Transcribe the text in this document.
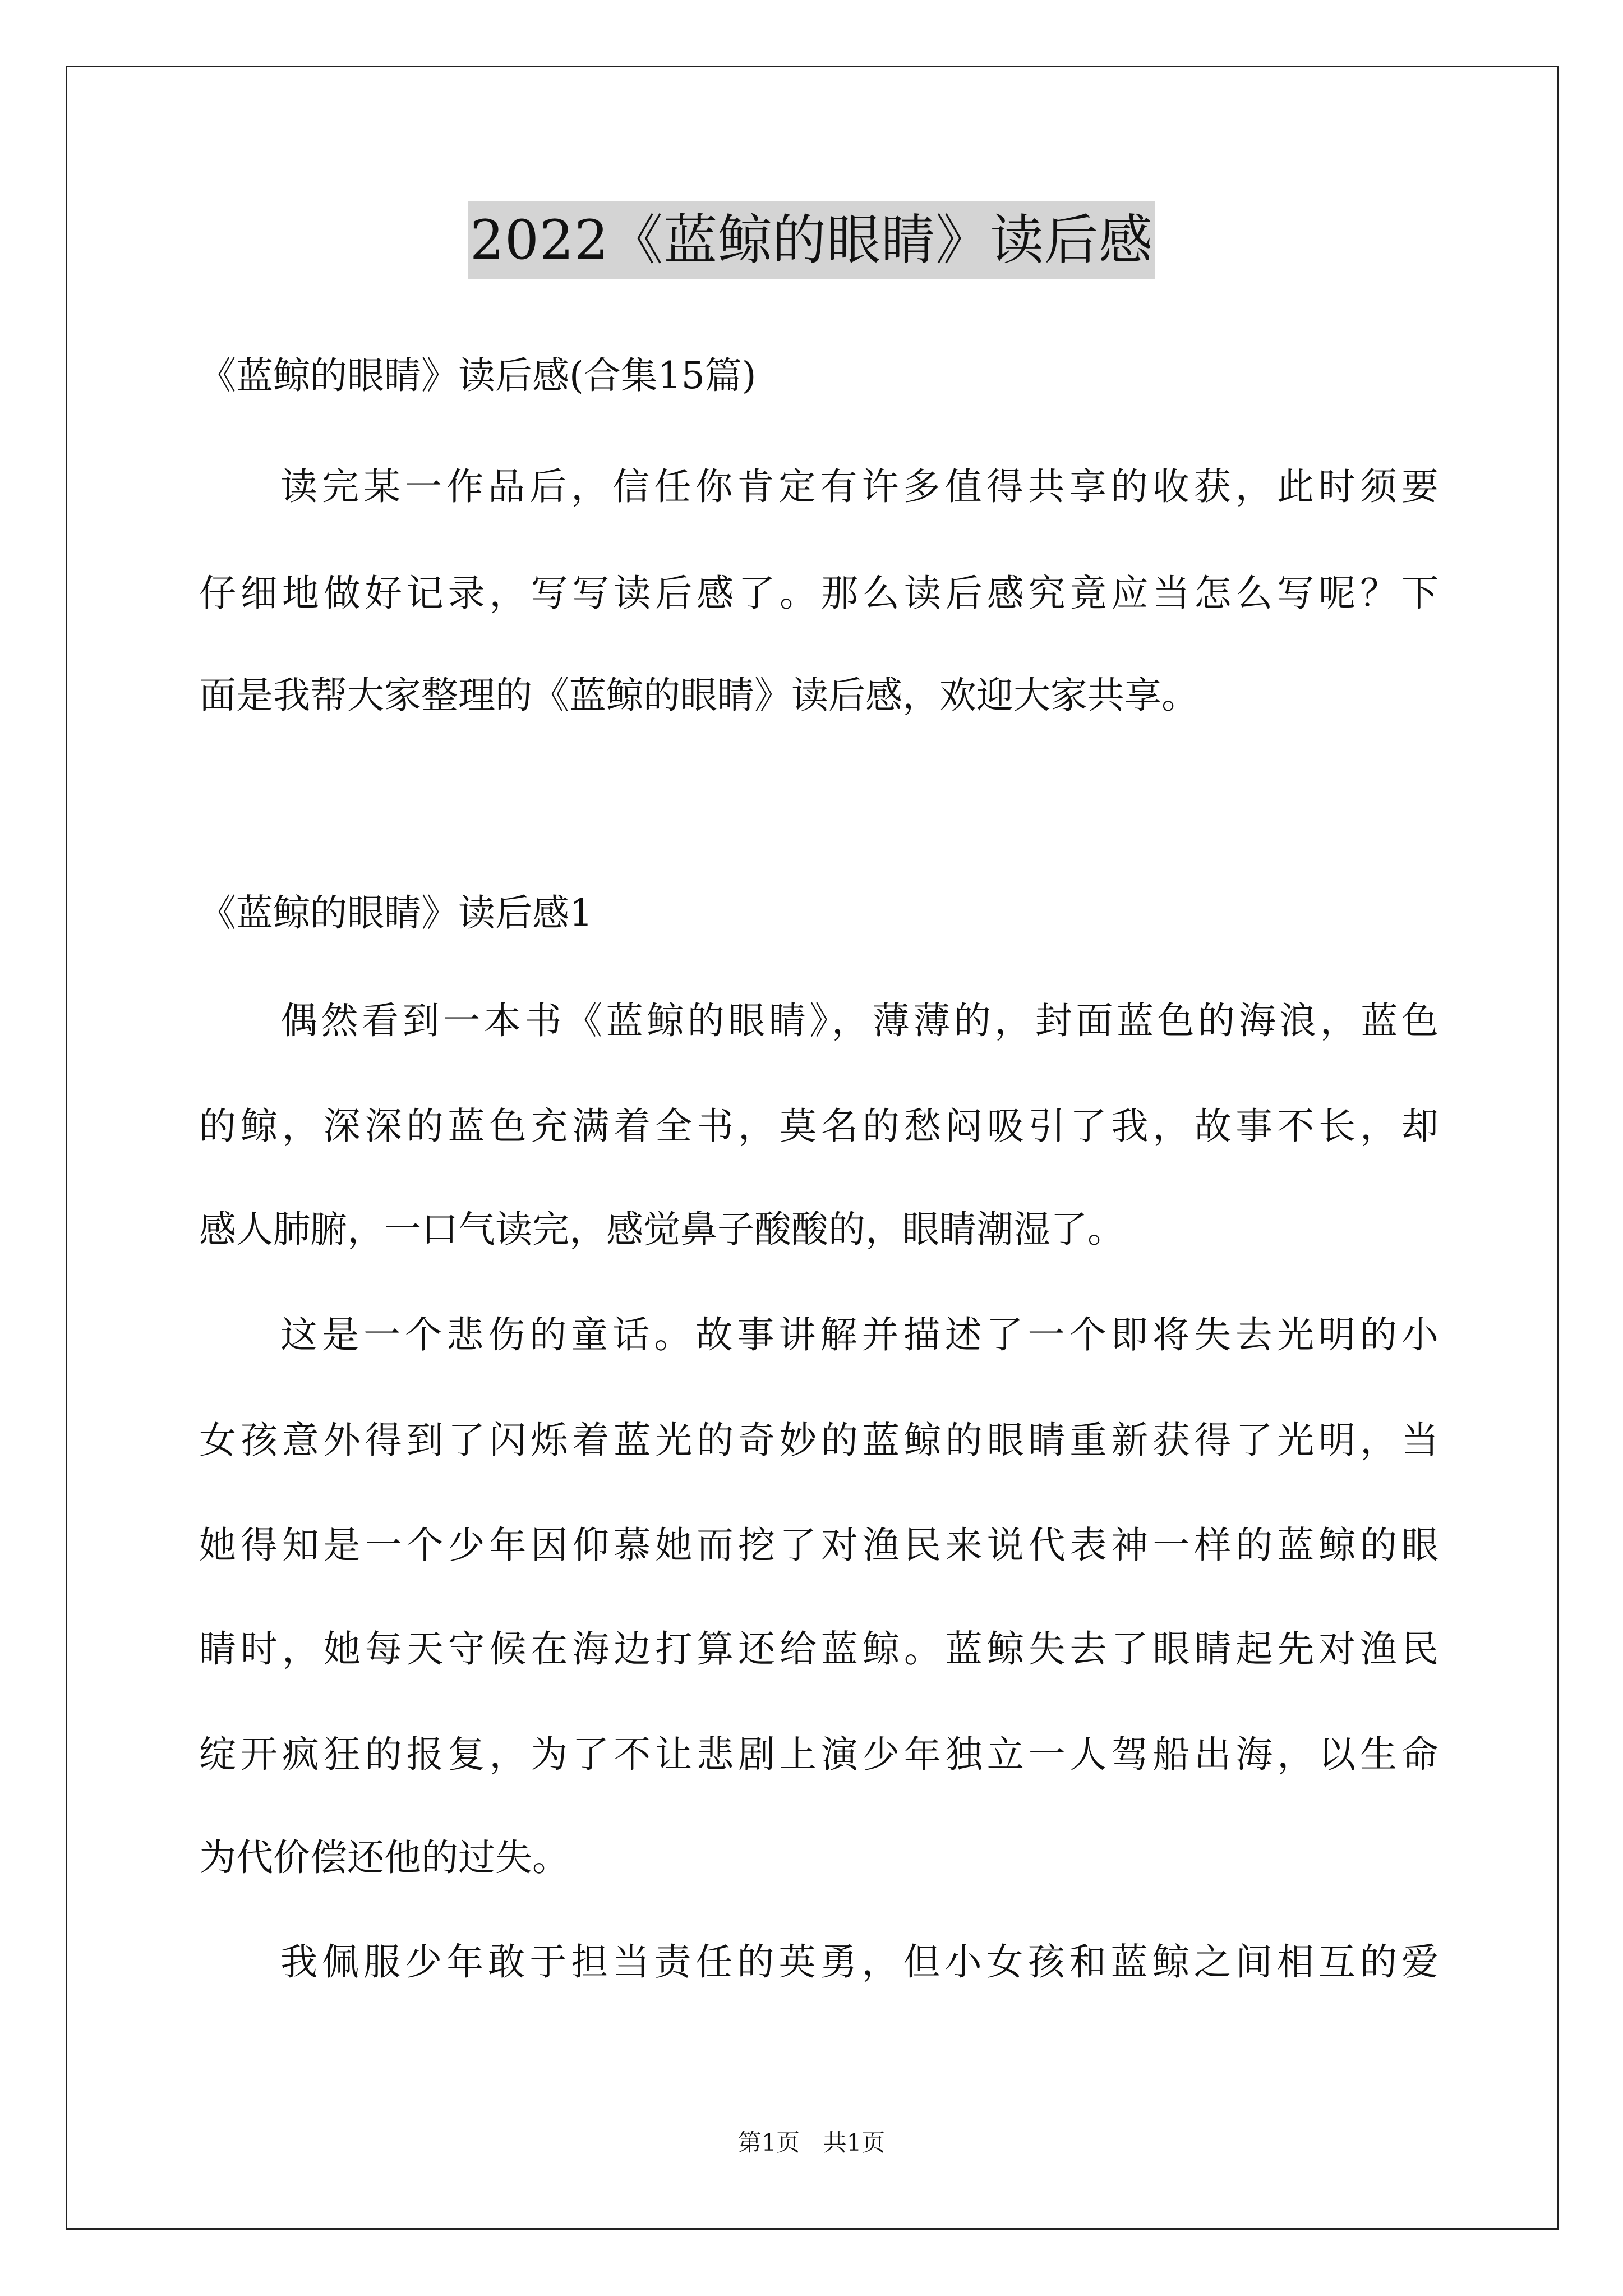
2022《蓝鲸的眼睛》读后感
《蓝鲸的眼睛》读后感(合集15篇)
读完某一作品后，信任你肯定有许多值得共享的收获，此时须要
仔细地做好记录，写写读后感了。那么读后感究竟应当怎么写呢？下
面是我帮大家整理的《蓝鲸的眼睛》读后感，欢迎大家共享。
《蓝鲸的眼睛》读后感1
偶然看到一本书《蓝鲸的眼睛》，薄薄的，封面蓝色的海浪，蓝色
的鲸，深深的蓝色充满着全书，莫名的愁闷吸引了我，故事不长，却
感人肺腑，一口气读完，感觉鼻子酸酸的，眼睛潮湿了。
这是一个悲伤的童话。故事讲解并描述了一个即将失去光明的小
女孩意外得到了闪烁着蓝光的奇妙的蓝鲸的眼睛重新获得了光明，当
她得知是一个少年因仰慕她而挖了对渔民来说代表神一样的蓝鲸的眼
睛时，她每天守候在海边打算还给蓝鲸。蓝鲸失去了眼睛起先对渔民
绽开疯狂的报复，为了不让悲剧上演少年独立一人驾船出海，以生命
为代价偿还他的过失。
我佩服少年敢于担当责任的英勇，但小女孩和蓝鲸之间相互的爱
第1页 共1页
